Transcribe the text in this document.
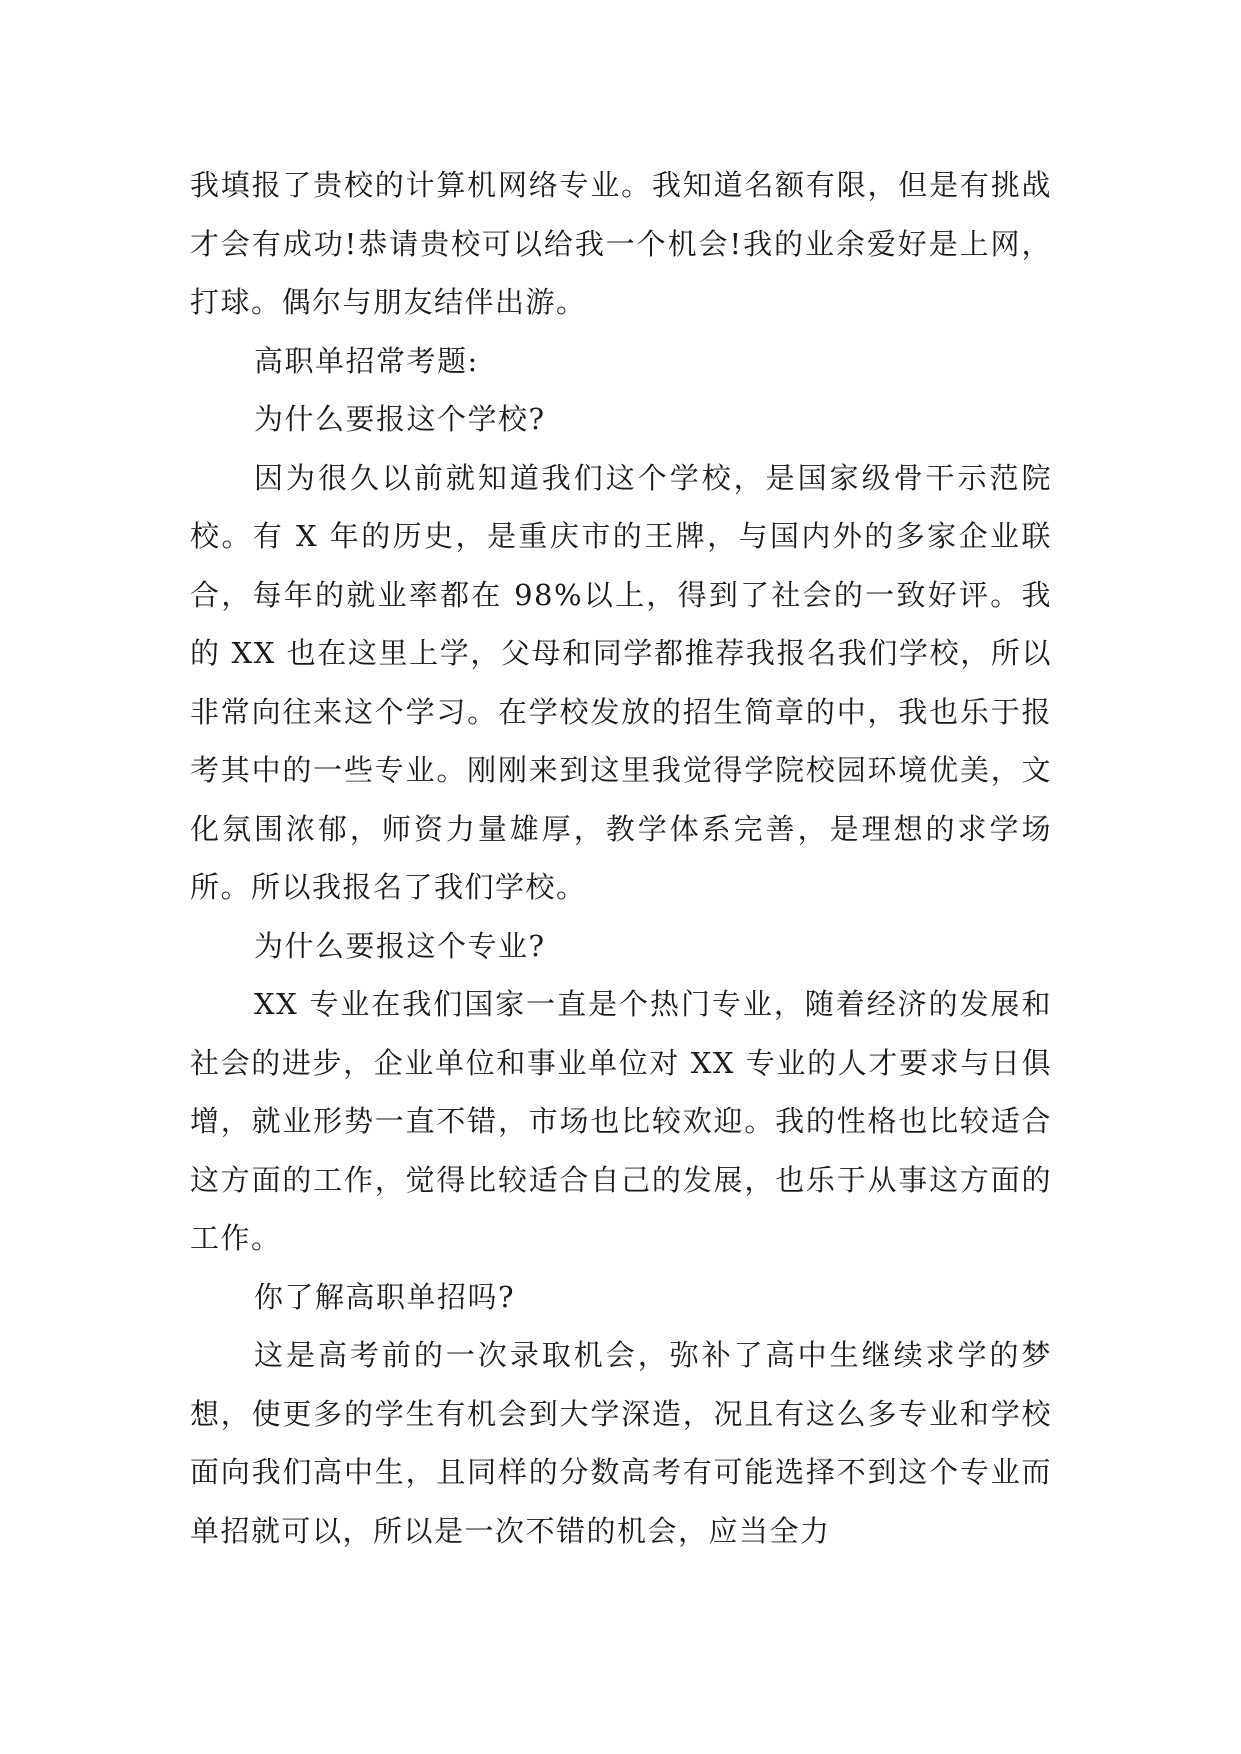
我填报了贵校的计算机网络专业。我知道名额有限，但是有挑战才会有成功!恭请贵校可以给我一个机会!我的业余爱好是上网，打球。偶尔与朋友结伴出游。

高职单招常考题:

为什么要报这个学校?

因为很久以前就知道我们这个学校，是国家级骨干示范院校。有 X 年的历史，是重庆市的王牌，与国内外的多家企业联合，每年的就业率都在 98%以上，得到了社会的一致好评。我的 XX 也在这里上学，父母和同学都推荐我报名我们学校，所以非常向往来这个学习。在学校发放的招生简章的中，我也乐于报考其中的一些专业。刚刚来到这里我觉得学院校园环境优美，文化氛围浓郁，师资力量雄厚，教学体系完善，是理想的求学场所。所以我报名了我们学校。

为什么要报这个专业?

XX 专业在我们国家一直是个热门专业，随着经济的发展和社会的进步，企业单位和事业单位对 XX 专业的人才要求与日俱增，就业形势一直不错，市场也比较欢迎。我的性格也比较适合这方面的工作，觉得比较适合自己的发展，也乐于从事这方面的工作。

你了解高职单招吗?

这是高考前的一次录取机会，弥补了高中生继续求学的梦想，使更多的学生有机会到大学深造，况且有这么多专业和学校面向我们高中生，且同样的分数高考有可能选择不到这个专业而单招就可以，所以是一次不错的机会，应当全力
